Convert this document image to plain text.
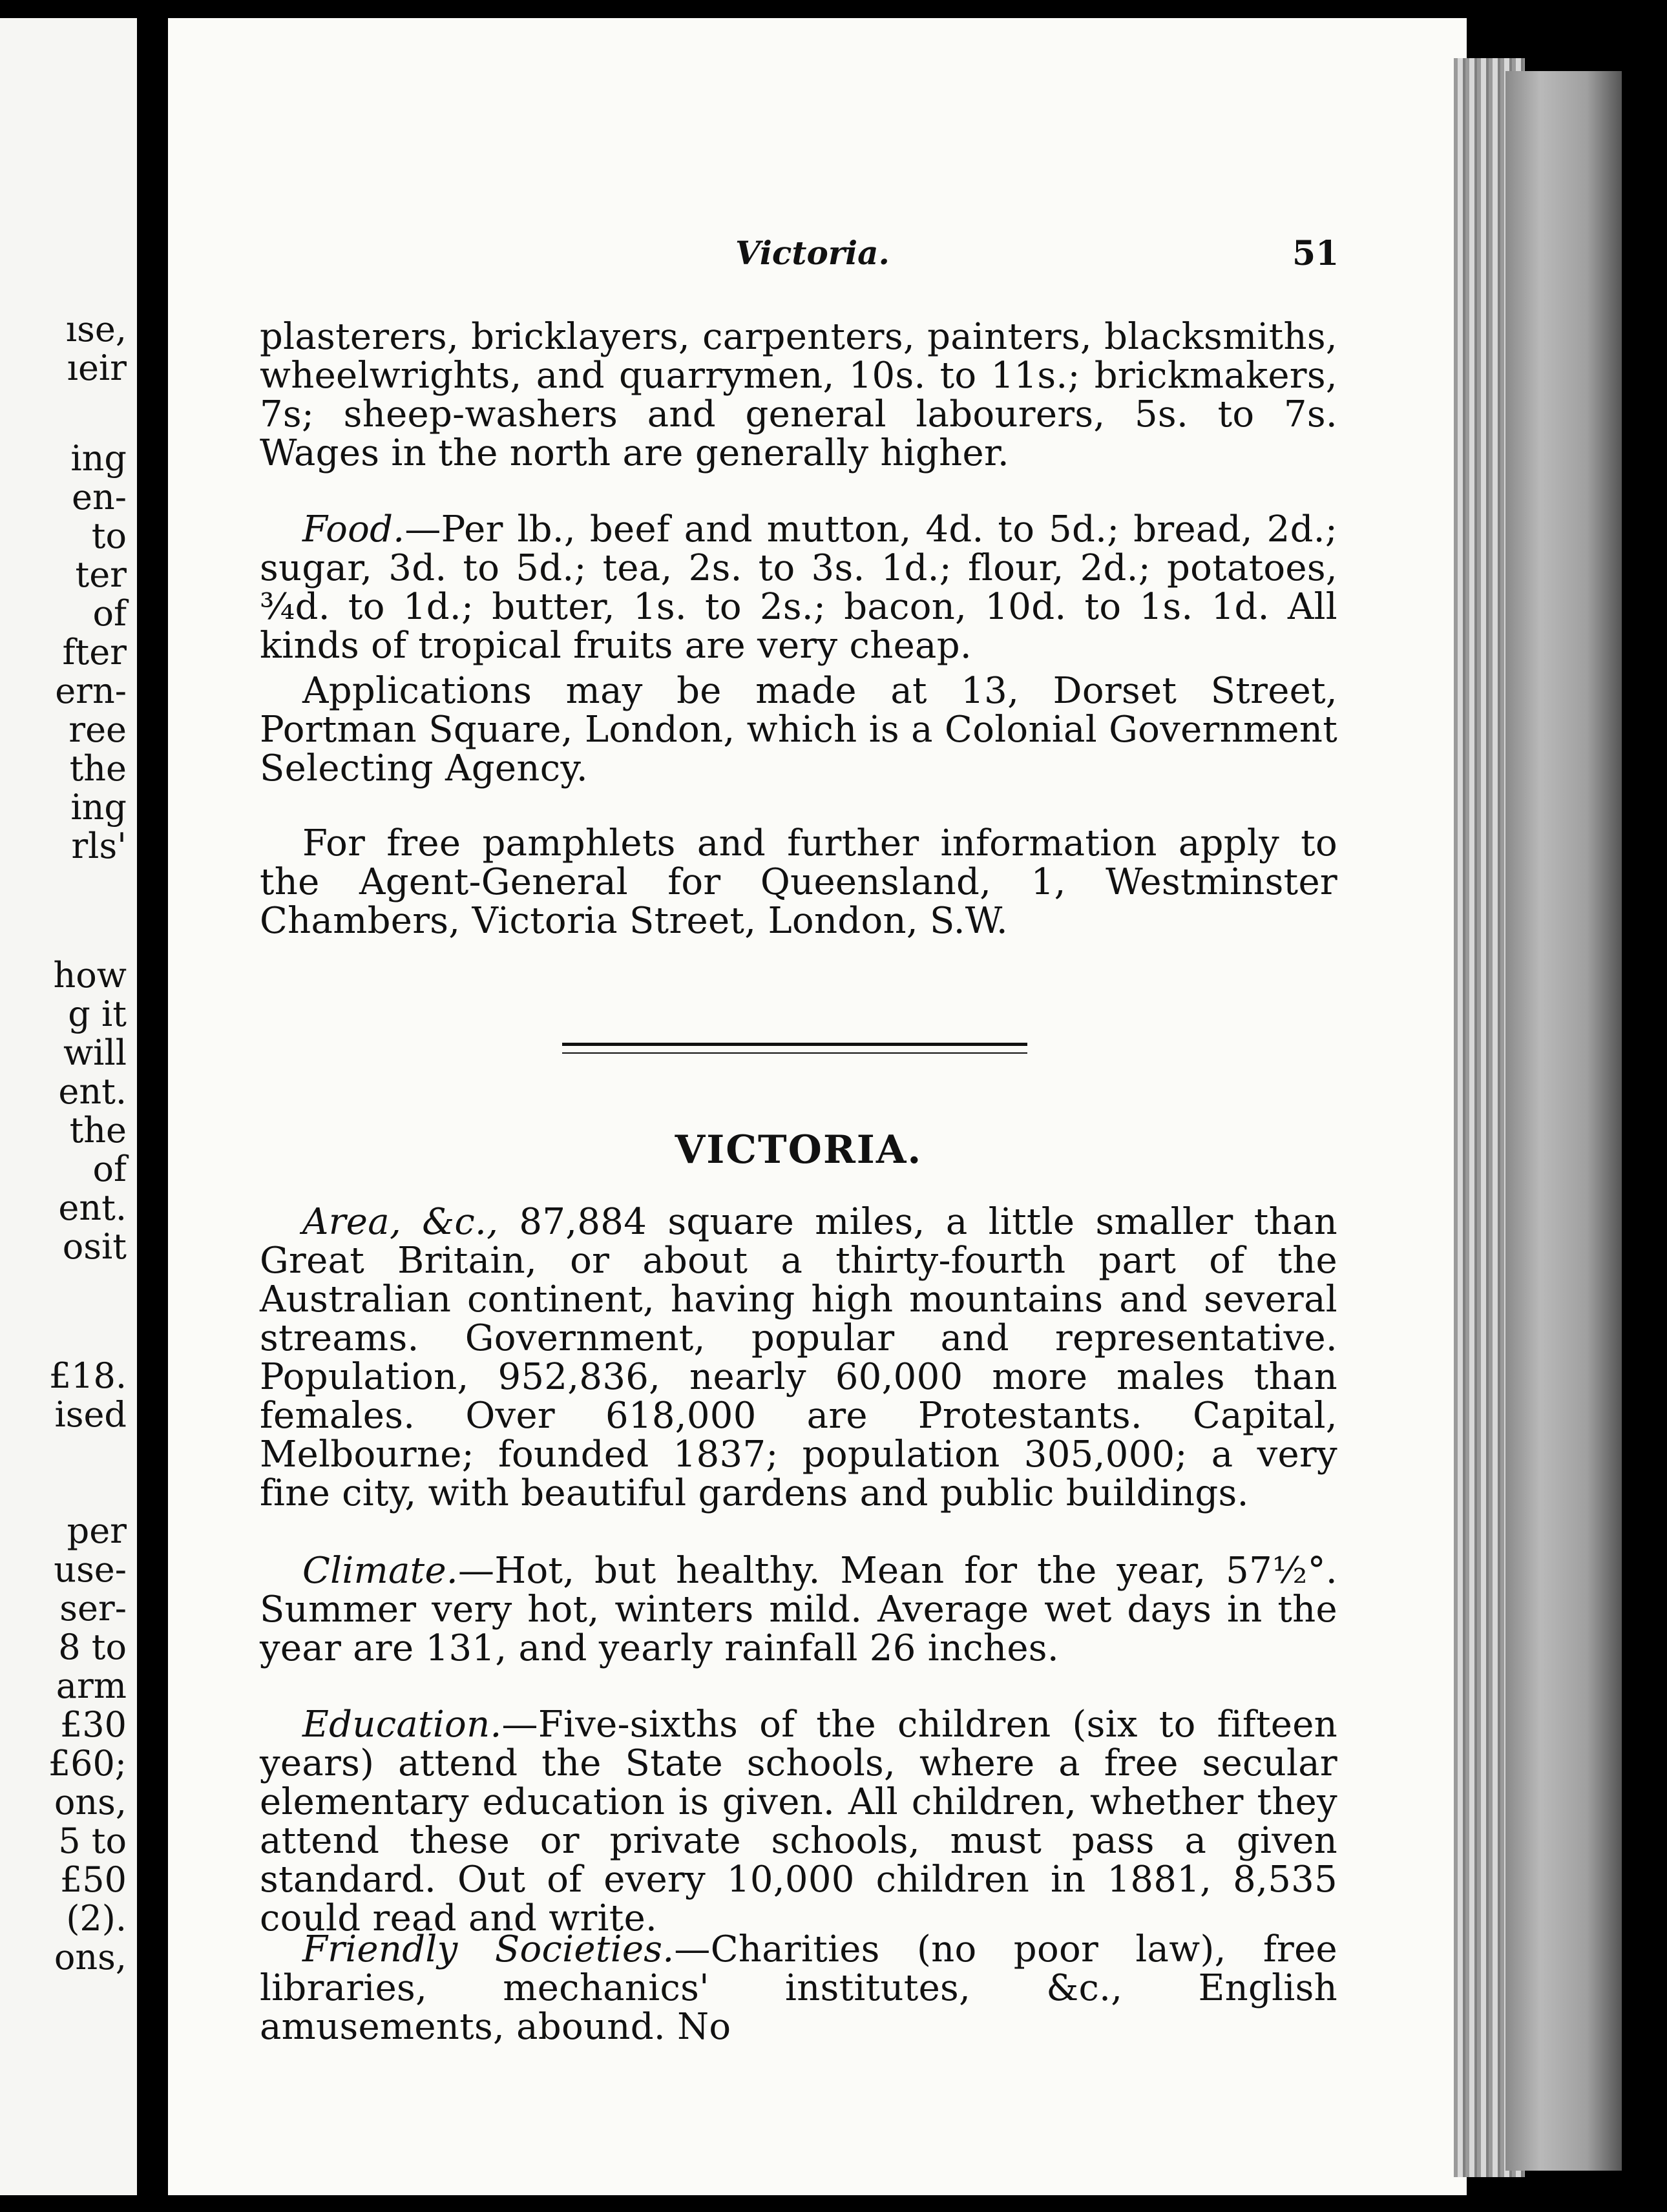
ıse,
ıeir
ing
en-
to
ter
of
fter
ern-
ree
the
ing
rls'
how
g it
will
ent.
the
of
ent.
osit
£18.
ised
per
use-
ser-
8 to
arm
£30
£60;
ons,
5 to
£50
(2).
ons,
Victoria.	51

plasterers, bricklayers, carpenters, painters, blacksmiths, wheelwrights, and quarrymen, 10s. to 11s.; brickmakers, 7s; sheep-washers and general labourers, 5s. to 7s. Wages in the north are generally higher.

Food.—Per lb., beef and mutton, 4d. to 5d.; bread, 2d.; sugar, 3d. to 5d.; tea, 2s. to 3s. 1d.; flour, 2d.; potatoes, ¾d. to 1d.; butter, 1s. to 2s.; bacon, 10d. to 1s. 1d. All kinds of tropical fruits are very cheap.

Applications may be made at 13, Dorset Street, Portman Square, London, which is a Colonial Government Selecting Agency.

For free pamphlets and further information apply to the Agent-General for Queensland, 1, Westminster Chambers, Victoria Street, London, S.W.

VICTORIA.

Area, &c., 87,884 square miles, a little smaller than Great Britain, or about a thirty-fourth part of the Australian continent, having high mountains and several streams. Government, popular and representative. Population, 952,836, nearly 60,000 more males than females. Over 618,000 are Protestants. Capital, Melbourne; founded 1837; population 305,000; a very fine city, with beautiful gardens and public buildings.

Climate.—Hot, but healthy. Mean for the year, 57½°. Summer very hot, winters mild. Average wet days in the year are 131, and yearly rainfall 26 inches.

Education.—Five-sixths of the children (six to fifteen years) attend the State schools, where a free secular elementary education is given. All children, whether they attend these or private schools, must pass a given standard. Out of every 10,000 children in 1881, 8,535 could read and write.

Friendly Societies.—Charities (no poor law), free libraries, mechanics' institutes, &c., English amusements, abound. No
